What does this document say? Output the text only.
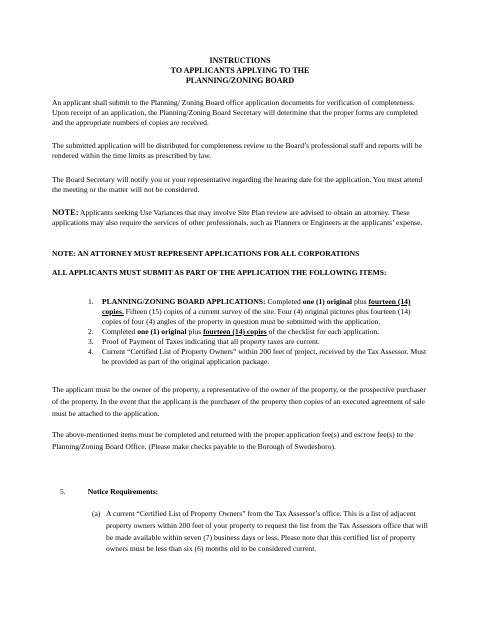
INSTRUCTIONS
TO APPLICANTS APPLYING TO THE
PLANNING/ZONING BOARD

An applicant shall submit to the Planning/ Zoning Board office application documents for verification of completeness. Upon receipt of an application, the Planning/Zoning Board Secretary will determine that the proper forms are completed and the appropriate numbers of copies are received.

The submitted application will be distributed for completeness review to the Board’s professional staff and reports will be rendered within the time limits as prescribed by law.

The Board Secretary will notify you or your representative regarding the hearing date for the application. You must attend the meeting or the matter will not be considered.

NOTE: Applicants seeking Use Variances that may involve Site Plan review are advised to obtain an attorney. These applications may also require the services of other professionals, such as Planners or Engineers at the applicants’ expense.

NOTE: AN ATTORNEY MUST REPRESENT APPLICATIONS FOR ALL CORPORATIONS

ALL APPLICANTS MUST SUBMIT AS PART OF THE APPLICATION THE FOLLOWING ITEMS:

1. PLANNING/ZONING BOARD APPLICATIONS: Completed one (1) original plus fourteen (14) copies. Fifteen (15) copies of a current survey of the site. Four (4) original pictures plus fourteen (14) copies of four (4) angles of the property in question must be submitted with the application.
2. Completed one (1) original plus fourteen (14) copies of the checklist for each application.
3. Proof of Payment of Taxes indicating that all property taxes are current.
4. Current “Certified List of Property Owners” within 200 feet of project, received by the Tax Assessor. Must be provided as part of the original application package.

The applicant must be the owner of the property, a representative of the owner of the property, or the prospective purchaser of the property. In the event that the applicant is the purchaser of the property then copies of an executed agreement of sale must be attached to the application.

The above-mentioned items must be completed and returned with the proper application fee(s) and escrow fee(s) to the Planning/Zoning Board Office. (Please make checks payable to the Borough of Swedesboro).

5.	Notice Requirements:
(a) A current “Certified List of Property Owners” from the Tax Assessor’s office. This is a list of adjacent property owners within 200 feet of your property to request the list from the Tax Assessors office that will be made available within seven (7) business days or less. Please note that this certified list of property owners must be less than six (6) months old to be considered current.
